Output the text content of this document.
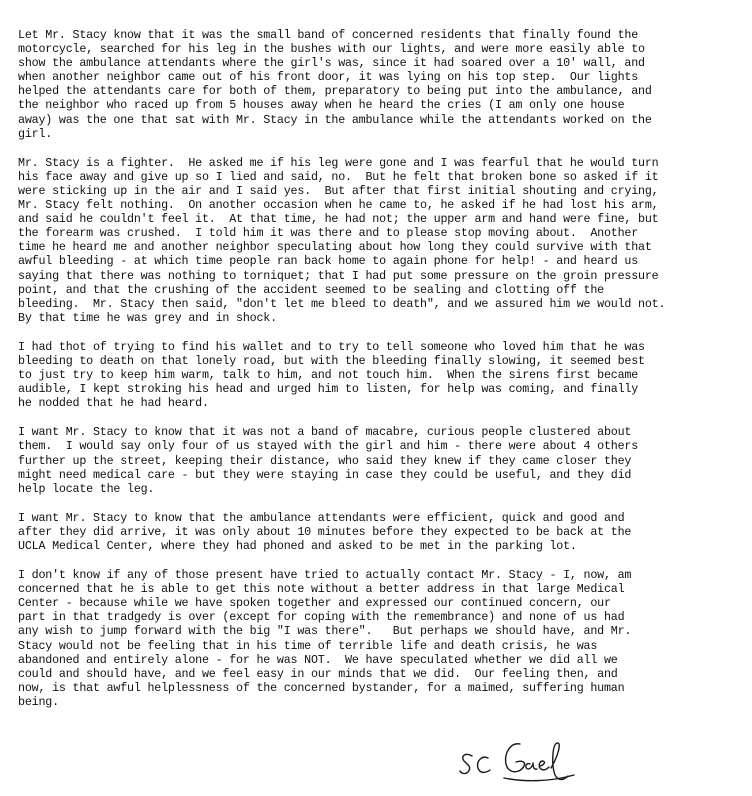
Let Mr. Stacy know that it was the small band of concerned residents that finally found the
motorcycle, searched for his leg in the bushes with our lights, and were more easily able to
show the ambulance attendants where the girl's was, since it had soared over a 10' wall, and
when another neighbor came out of his front door, it was lying on his top step.  Our lights
helped the attendants care for both of them, preparatory to being put into the ambulance, and
the neighbor who raced up from 5 houses away when he heard the cries (I am only one house
away) was the one that sat with Mr. Stacy in the ambulance while the attendants worked on the
girl.
Mr. Stacy is a fighter.  He asked me if his leg were gone and I was fearful that he would turn
his face away and give up so I lied and said, no.  But he felt that broken bone so asked if it
were sticking up in the air and I said yes.  But after that first initial shouting and crying,
Mr. Stacy felt nothing.  On another occasion when he came to, he asked if he had lost his arm,
and said he couldn't feel it.  At that time, he had not; the upper arm and hand were fine, but
the forearm was crushed.  I told him it was there and to please stop moving about.  Another
time he heard me and another neighbor speculating about how long they could survive with that
awful bleeding - at which time people ran back home to again phone for help! - and heard us
saying that there was nothing to torniquet; that I had put some pressure on the groin pressure
point, and that the crushing of the accident seemed to be sealing and clotting off the
bleeding.  Mr. Stacy then said, "don't let me bleed to death", and we assured him we would not.
By that time he was grey and in shock.
I had thot of trying to find his wallet and to try to tell someone who loved him that he was
bleeding to death on that lonely road, but with the bleeding finally slowing, it seemed best
to just try to keep him warm, talk to him, and not touch him.  When the sirens first became
audible, I kept stroking his head and urged him to listen, for help was coming, and finally
he nodded that he had heard.
I want Mr. Stacy to know that it was not a band of macabre, curious people clustered about
them.  I would say only four of us stayed with the girl and him - there were about 4 others
further up the street, keeping their distance, who said they knew if they came closer they
might need medical care - but they were staying in case they could be useful, and they did
help locate the leg.
I want Mr. Stacy to know that the ambulance attendants were efficient, quick and good and
after they did arrive, it was only about 10 minutes before they expected to be back at the
UCLA Medical Center, where they had phoned and asked to be met in the parking lot.
I don't know if any of those present have tried to actually contact Mr. Stacy - I, now, am
concerned that he is able to get this note without a better address in that large Medical
Center - because while we have spoken together and expressed our continued concern, our
part in that tradgedy is over (except for coping with the remembrance) and none of us had
any wish to jump forward with the big "I was there".   But perhaps we should have, and Mr.
Stacy would not be feeling that in his time of terrible life and death crisis, he was
abandoned and entirely alone - for he was NOT.  We have speculated whether we did all we
could and should have, and we feel easy in our minds that we did.  Our feeling then, and
now, is that awful helplessness of the concerned bystander, for a maimed, suffering human
being.
